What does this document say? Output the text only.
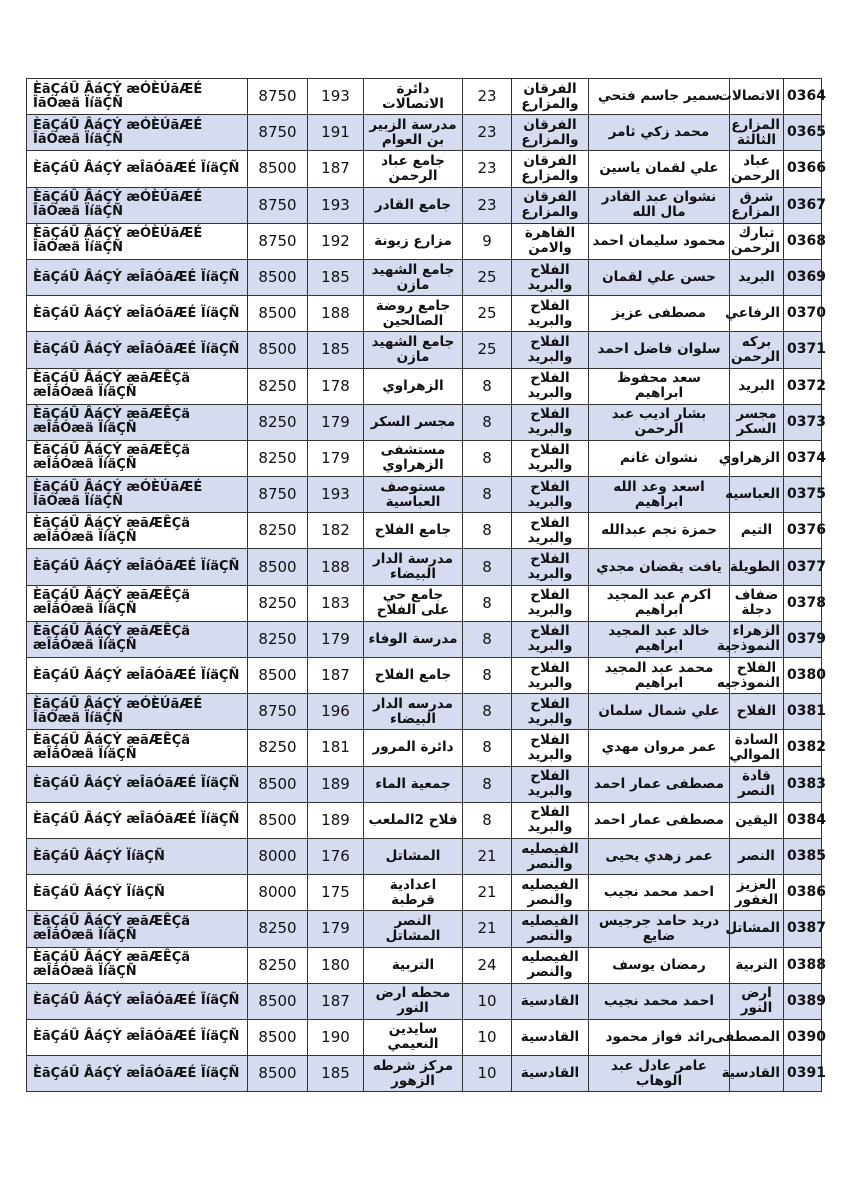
ÈãÇáÛ ÂáÇÝ æÓÈÚãÆÉ ÎãÓæä ÏíäÇÑ	8750	193	دائرة الاتصالات	23	الفرقان والمزارع	سمير جاسم فتحي	الاتصالات	0364
ÈãÇáÛ ÂáÇÝ æÓÈÚãÆÉ ÎãÓæä ÏíäÇÑ	8750	191	مدرسة الزبير بن العوام	23	الفرقان والمزارع	محمد زكي ثامر	المزارع الثالثة	0365
ÈãÇáÛ ÂáÇÝ æÎãÓãÆÉ ÏíäÇÑ	8500	187	جامع عباد الرحمن	23	الفرقان والمزارع	علي لقمان ياسين	عباد الرحمن	0366
ÈãÇáÛ ÂáÇÝ æÓÈÚãÆÉ ÎãÓæä ÏíäÇÑ	8750	193	جامع القادر	23	الفرقان والمزارع	نشوان عبد القادر مال الله	شرق المزارع	0367
ÈãÇáÛ ÂáÇÝ æÓÈÚãÆÉ ÎãÓæä ÏíäÇÑ	8750	192	مزارع زيونة	9	القاهرة والامن	محمود سليمان احمد	تبارك الرحمن	0368
ÈãÇáÛ ÂáÇÝ æÎãÓãÆÉ ÏíäÇÑ	8500	185	جامع الشهيد مازن	25	الفلاح والبريد	حسن علي لقمان	البريد	0369
ÈãÇáÛ ÂáÇÝ æÎãÓãÆÉ ÏíäÇÑ	8500	188	جامع روضة الصالحين	25	الفلاح والبريد	مصطفى عزيز	الرفاعي	0370
ÈãÇáÛ ÂáÇÝ æÎãÓãÆÉ ÏíäÇÑ	8500	185	جامع الشهيد مازن	25	الفلاح والبريد	سلوان فاضل احمد	بركه الرحمن	0371
ÈãÇáÛ ÂáÇÝ æãÆÊÇä æÎãÓæä ÏíäÇÑ	8250	178	الزهراوي	8	الفلاح والبريد	سعد محفوظ ابراهيم	البريد	0372
ÈãÇáÛ ÂáÇÝ æãÆÊÇä æÎãÓæä ÏíäÇÑ	8250	179	مجسر السكر	8	الفلاح والبريد	بشار اديب عبد الرحمن	مجسر السكر	0373
ÈãÇáÛ ÂáÇÝ æãÆÊÇä æÎãÓæä ÏíäÇÑ	8250	179	مستشفى الزهراوي	8	الفلاح والبريد	نشوان غانم	الزهراوي	0374
ÈãÇáÛ ÂáÇÝ æÓÈÚãÆÉ ÎãÓæä ÏíäÇÑ	8750	193	مستوصف العباسية	8	الفلاح والبريد	اسعد وعد الله ابراهيم	العباسيه	0375
ÈãÇáÛ ÂáÇÝ æãÆÊÇä æÎãÓæä ÏíäÇÑ	8250	182	جامع الفلاح	8	الفلاح والبريد	حمزة نجم عبدالله	التيم	0376
ÈãÇáÛ ÂáÇÝ æÎãÓãÆÉ ÏíäÇÑ	8500	188	مدرسة الدار البيضاء	8	الفلاح والبريد	يافت يقضان مجدي	الطويلة	0377
ÈãÇáÛ ÂáÇÝ æãÆÊÇä æÎãÓæä ÏíäÇÑ	8250	183	جامع حي على الفلاح	8	الفلاح والبريد	اكرم عبد المجيد ابراهيم	ضفاف دجلة	0378
ÈãÇáÛ ÂáÇÝ æãÆÊÇä æÎãÓæä ÏíäÇÑ	8250	179	مدرسة الوفاء	8	الفلاح والبريد	خالد عبد المجيد ابراهيم	الزهراء النموذجية	0379
ÈãÇáÛ ÂáÇÝ æÎãÓãÆÉ ÏíäÇÑ	8500	187	جامع الفلاح	8	الفلاح والبريد	محمد عبد المجيد ابراهيم	الفلاح النموذجيه	0380
ÈãÇáÛ ÂáÇÝ æÓÈÚãÆÉ ÎãÓæä ÏíäÇÑ	8750	196	مدرسه الدار البيضاء	8	الفلاح والبريد	علي شمال سلمان	الفلاح	0381
ÈãÇáÛ ÂáÇÝ æãÆÊÇä æÎãÓæä ÏíäÇÑ	8250	181	دائرة المرور	8	الفلاح والبريد	عمر مروان مهدي	السادة الموالي	0382
ÈãÇáÛ ÂáÇÝ æÎãÓãÆÉ ÏíäÇÑ	8500	189	جمعية الماء	8	الفلاح والبريد	مصطفى عمار احمد	قادة النصر	0383
ÈãÇáÛ ÂáÇÝ æÎãÓãÆÉ ÏíäÇÑ	8500	189	فلاح 2الملعب	8	الفلاح والبريد	مصطفى عمار احمد	اليقين	0384
ÈãÇáÛ ÂáÇÝ ÏíäÇÑ	8000	176	المشاتل	21	الفيصليه والنصر	عمر زهدي يحيى	النصر	0385
ÈãÇáÛ ÂáÇÝ ÏíäÇÑ	8000	175	اعدادية قرطبة	21	الفيصليه والنصر	احمد محمد نجيب	العزيز الغفور	0386
ÈãÇáÛ ÂáÇÝ æãÆÊÇä æÎãÓæä ÏíäÇÑ	8250	179	النصر المشاتل	21	الفيصليه والنصر	دريد حامد جرجيس ضايع	المشاتل	0387
ÈãÇáÛ ÂáÇÝ æãÆÊÇä æÎãÓæä ÏíäÇÑ	8250	180	التربية	24	الفيصليه والنصر	رمضان يوسف	التربية	0388
ÈãÇáÛ ÂáÇÝ æÎãÓãÆÉ ÏíäÇÑ	8500	187	محطه ارض النور	10	القادسية	احمد محمد نجيب	ارض النور	0389
ÈãÇáÛ ÂáÇÝ æÎãÓãÆÉ ÏíäÇÑ	8500	190	سايدين النعيمي	10	القادسية	رائد فواز محمود	المصطفى	0390
ÈãÇáÛ ÂáÇÝ æÎãÓãÆÉ ÏíäÇÑ	8500	185	مركز شرطه الزهور	10	القادسية	عامر عادل عبد الوهاب	القادسية	0391
